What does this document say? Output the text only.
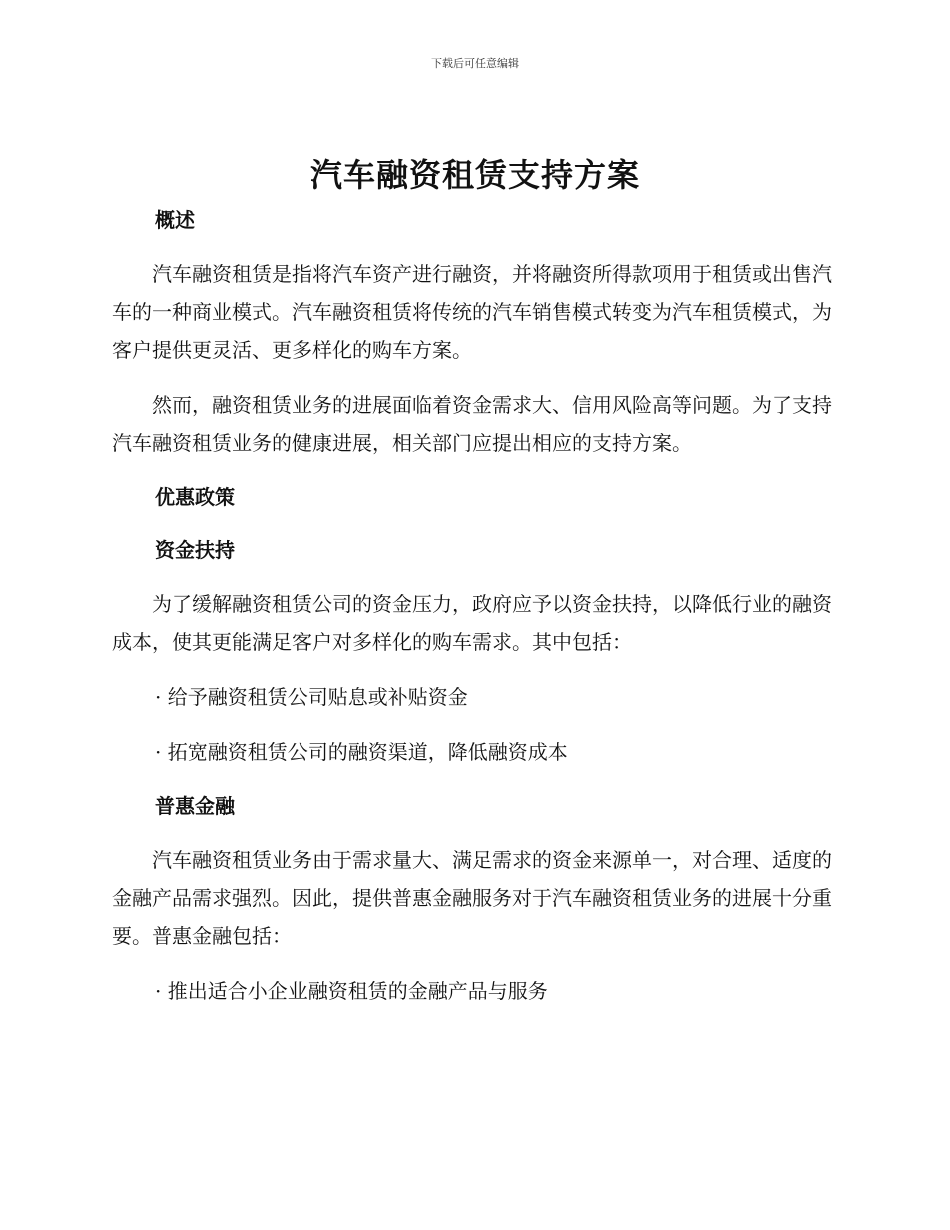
下载后可任意编辑
汽车融资租赁支持方案
概述

汽车融资租赁是指将汽车资产进行融资，并将融资所得款项用于租赁或出售汽车的一种商业模式。汽车融资租赁将传统的汽车销售模式转变为汽车租赁模式，为客户提供更灵活、更多样化的购车方案。

然而，融资租赁业务的进展面临着资金需求大、信用风险高等问题。为了支持汽车融资租赁业务的健康进展，相关部门应提出相应的支持方案。

优惠政策
资金扶持

为了缓解融资租赁公司的资金压力，政府应予以资金扶持，以降低行业的融资成本，使其更能满足客户对多样化的购车需求。其中包括：

· 给予融资租赁公司贴息或补贴资金
· 拓宽融资租赁公司的融资渠道，降低融资成本
普惠金融

汽车融资租赁业务由于需求量大、满足需求的资金来源单一，对合理、适度的金融产品需求强烈。因此，提供普惠金融服务对于汽车融资租赁业务的进展十分重要。普惠金融包括：

· 推出适合小企业融资租赁的金融产品与服务
